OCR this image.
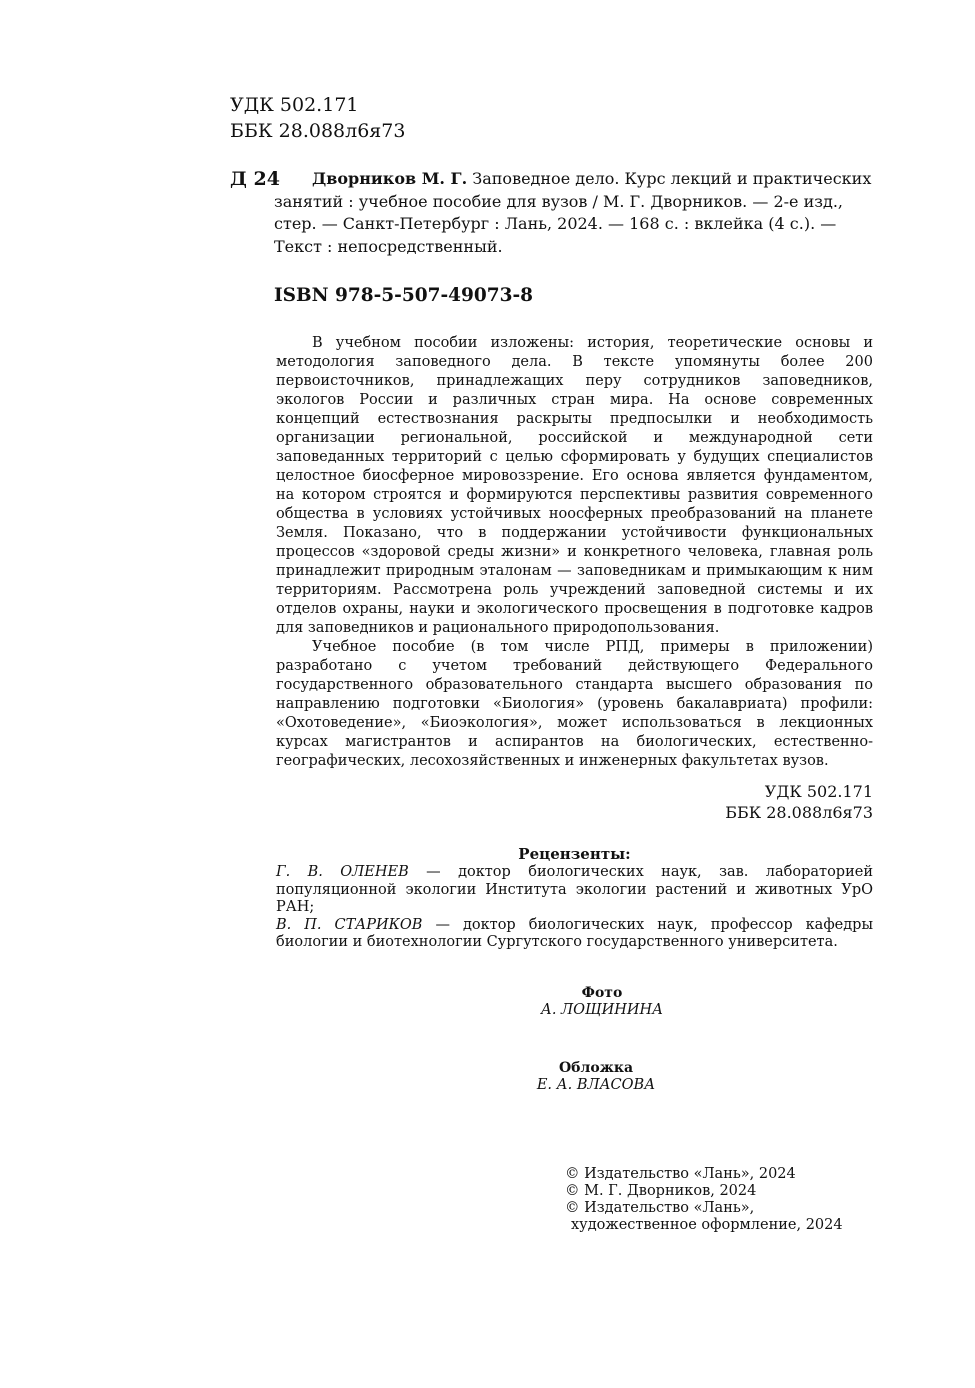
УДК 502.171
ББК 28.088л6я73
Д 24 Дворников М. Г. Заповедное дело. Курс лекций и практических
занятий : учебное пособие для вузов / М. Г. Дворников. — 2-е изд.,
стер. — Санкт-Петербург : Лань, 2024. — 168 с. : вклейка (4 с.). —
Текст : непосредственный.
ISBN 978-5-507-49073-8

В учебном пособии изложены: история, теоретические основы и методология заповедного дела. В тексте упомянуты более 200 первоисточников, принадлежащих перу сотрудников заповедников, экологов России и различных стран мира. На основе современных концепций естествознания раскрыты предпосылки и необходимость организации региональной, российской и международной сети заповеданных территорий с целью сформировать у будущих специалистов целостное биосферное мировоззрение. Его основа является фундаментом, на котором строятся и формируются перспективы развития современного общества в условиях устойчивых ноосферных преобразований на планете Земля. Показано, что в поддержании устойчивости функциональных процессов «здоровой среды жизни» и конкретного человека, главная роль принадлежит природным эталонам — заповедникам и примыкающим к ним территориям. Рассмотрена роль учреждений заповедной системы и их отделов охраны, науки и экологического просвещения в подготовке кадров для заповедников и рационального природопользования.

Учебное пособие (в том числе РПД, примеры в приложении) разработано с учетом требований действующего Федерального государственного образовательного стандарта высшего образования по направлению подготовки «Биология» (уровень бакалавриата) профили: «Охотоведение», «Биоэкология», может использоваться в лекционных курсах магистрантов и аспирантов на биологических, естественно-географических, лесохозяйственных и инженерных факультетах вузов.

УДК 502.171
ББК 28.088л6я73
Рецензенты:

Г. В. ОЛЕНЕВ — доктор биологических наук, зав. лабораторией популяционной экологии Института экологии растений и животных УрО РАН;

В. П. СТАРИКОВ — доктор биологических наук, профессор кафедры биологии и биотехнологии Сургутского государственного университета.

Фото
А. ЛОЩИНИНА
Обложка
Е. А. ВЛАСОВА
© Издательство «Лань», 2024
© М. Г. Дворников, 2024
© Издательство «Лань»,
художественное оформление, 2024
